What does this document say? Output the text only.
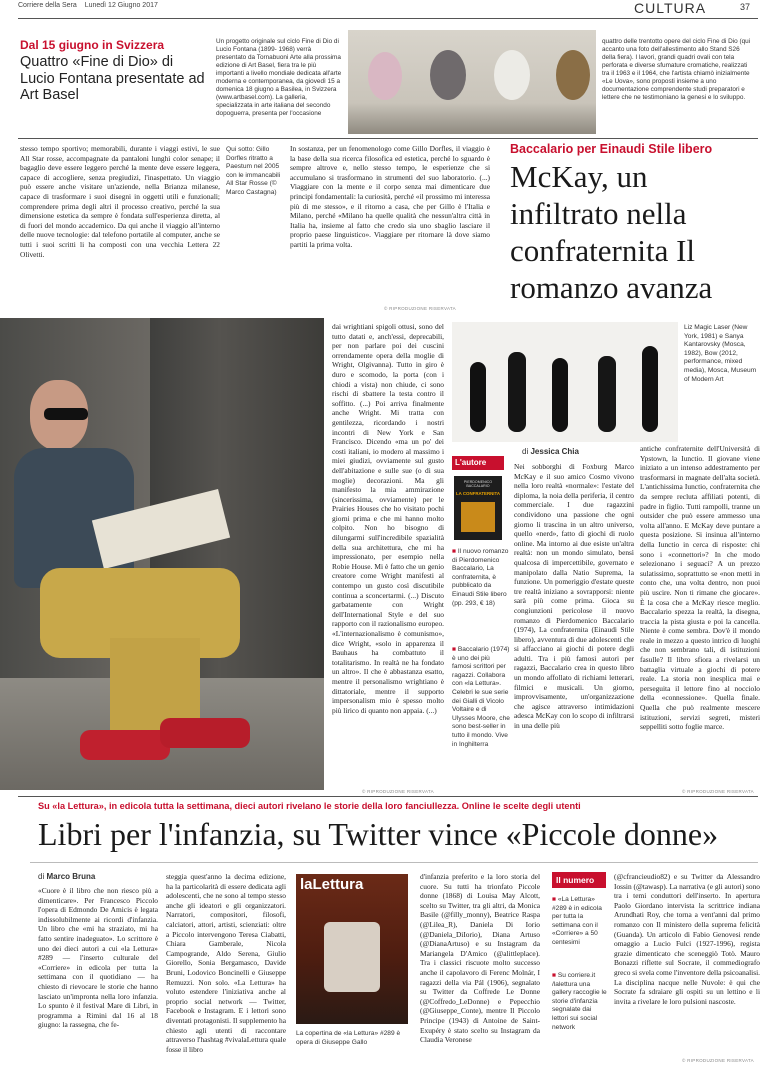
Corriere della Sera Lunedì 12 Giugno 2017	CULTURA	37
Dal 15 giugno in Svizzera
Quattro «Fine di Dio» di Lucio Fontana presentate ad Art Basel
Un progetto originale sul ciclo Fine di Dio di Lucio Fontana (1899- 1968) verrà presentato da Tornabuoni Arte alla prossima edizione di Art Basel, fiera tra le più importanti a livello mondiale dedicata all'arte moderna e contemporanea, da giovedì 15 a domenica 18 giugno a Basilea, in Svizzera (www.artbasel.com). La galleria, specializzata in arte italiana del secondo dopoguerra, presenta per l'occasione
quattro delle trentotto opere del ciclo Fine di Dio (qui accanto una foto dell'allestimento allo Stand S26 della fiera). I lavori, grandi quadri ovali con tela perforata e diverse sfumature cromatiche, realizzati tra il 1963 e il 1964, che l'artista chiamò inizialmente «Le Uova», sono proposti insieme a uno documentazione comprendente studi preparatori e lettere che ne testimoniano la genesi e lo sviluppo.
stesso tempo sportivo; memorabili, durante i viaggi estivi, le sue All Star rosse, accompagnate da pantaloni lunghi color senape; il bagaglio deve essere leggero perché la mente deve essere leggera, capace di accogliere, senza pregiudizi, l'inaspettato. Un viaggio può essere anche visitare un'aziende, nella Brianza milanese, capace di trasformare i suoi disegni in oggetti utili e funzionali; comprendere prima degli altri il processo creativo, perché la sua dimensione estetica da sempre è fondata sull'esperienza diretta, al di fuori del mondo accademico. Da qui anche il viaggio all'interno delle nuove tecnologie: dal telefono portatile al computer, anche se tutti i suoi scritti li ha composti con una vecchia Lettera 22 Olivetti.
Qui sotto: Gillo Dorfles ritratto a Paestum nel 2005 con le immancabili All Star Rosse (© Marco Castagna)
In sostanza, per un fenomenologo come Gillo Dorfles, il viaggio è la base della sua ricerca filosofica ed estetica, perché lo sguardo è sempre altrove e, nello stesso tempo, le esperienze che si accumulano si trasformano in strumenti del suo laboratorio. (...) Viaggiare con la mente e il corpo senza mai dimenticare due principi fondamentali: la curiosità, perché «il prossimo mi interessa più di me stesso», e il ritorno a casa, che per Gillo è l'Italia e Milano, perché «Milano ha quelle qualità che nessun'altra città in Italia ha, insieme al fatto che credo sia uno sbaglio lasciare il proprio paese linguistico». Viaggiare per ritornare là dove siamo partiti la prima volta.
© RIPRODUZIONE RISERVATA
dai wrightiani spigoli ottusi, sono del tutto datati e, anch'essi, deprecabili, per non parlare poi dei cuscini orrendamente opera della moglie di Wright, Olgivanna). Tutto in giro è duro e scomodo, la porta (con i chiodi a vista) non chiude, ci sono rischi di sbattere la testa contro il soffitto. (...) Poi arriva finalmente anche Wright. Mi tratta con gentilezza, ricordando i nostri incontri di New York e San Francisco. Dicendo «ma un po' dei costi italiani, io modero al massimo i miei giudizi, ovviamente sul gusto dell'abitazione e sulle sue (o di sua moglie) decorazioni. Ma gli manifesto la mia ammirazione (sincerissima, ovviamente) per le Prairies Houses che ho visitato pochi giorni prima e che mi hanno molto colpito. Non ho bisogno di dilungarmi sull'incredibile spazialità della sua architettura, che mi ha impressionato, per esempio nella Robie House. Mi è fatto che un genio creatore come Wright manifesti al contempo un gusto così discutibile continua a sconcertarmi. (...) Discuto garbatamente con Wright dell'International Style e del suo rapporto con il razionalismo europeo. «L'internazionalismo è comunismo», dice Wright, «solo in apparenza il Bauhaus ha combattuto il totalitarismo. In realtà ne ha fondato un altro». Il che è abbastanza esatto, mentre il personalismo wrightiano è dittatoriale, mentre il supporto impersonalism mio è spesso molto più lirico di quanto non appaia. (...)
© RIPRODUZIONE RISERVATA
Baccalario per Einaudi Stile libero
McKay, un infiltrato nella confraternita Il romanzo avanza
Liz Magic Laser (New York, 1981) e Sanya Kantarovsky (Mosca, 1982), Bow (2012, performance, mixed media), Mosca, Museum of Modern Art
di Jessica Chia
L'autore
PIERDOMENICO BACCALARIO
LA CONFRATERNITA
■ Il nuovo romanzo di Pierdomenico Baccalario, La confraternita, è pubblicato da Einaudi Stile libero (pp. 293, € 18)
■ Baccalario (1974) è uno dei più famosi scrittori per ragazzi. Collabora con «la Lettura». Celebri le sue serie dei Gialli di Vicolo Voltaire e di Ulysses Moore, che sono best-seller in tutto il mondo. Vive in Inghilterra
Nei sobborghi di Foxburg Marco McKay e il suo amico Cosmo vivono nella loro realtà «normale»: l'estate del diploma, la noia della periferia, il centro commerciale. I due ragazzini condividono una passione che ogni giorno li trascina in un altro universo, quello «nerd», fatto di giochi di ruolo online. Ma intorno ai due esiste un'altra realtà: non un mondo simulato, bensì qualcosa di impercettibile, governato e manipolato dalla Natio Suprema, la funzione. Un pomeriggio d'estate queste tre realtà iniziano a sovrapporsi: niente sarà più come prima. Gioca su congiunzioni pericolose il nuovo romanzo di Pierdomenico Baccalario (1974), La confraternita (Einaudi Stile libero), avventura di due adolescenti che si affacciano ai giochi di potere degli adulti. Tra i più famosi autori per ragazzi, Baccalario crea in questo libro un mondo affollato di richiami letterari, filmici e musicali. Un giorno, improvvisamente, un'organizzazione che agisce attraverso intimidazioni adesca McKay con lo scopo di infiltrarsi in una delle più
antiche confraternite dell'Università di Ypstown, la Iunctio. Il giovane viene iniziato a un intenso addestramento per trasformarsi in magnate dell'alta società. L'antichissima Iunctio, confraternita che da sempre recluta affiliati potenti, di padre in figlio. Tutti rampolli, tranne un outsider che può essere ammesso una volta all'anno. E McKay deve puntare a questa posizione. Si insinua all'interno della Iunctio in cerca di risposte: chi sono i «connettori»? In che modo selezionano i seguaci? A un prezzo sulatissimo, soprattutto se «non metti in conto che, una volta dentro, non puoi più uscire. Non ti rimane che giocare». È la cosa che a McKay riesce meglio. Baccalario spezza la realtà, la disegna, traccia la pista giusta e poi la cancella. Niente è come sembra. Dov'è il mondo reale in mezzo a questo intrico di luoghi che non sembrano tali, di istituzioni fasulle? Il libro sfiora a rivelarsi un battaglia virtuale a giochi di potere reale. La storia non inesplica mai e perseguita il lettore fino al nocciolo della «connessione». Quella finale. Quella che può realmente mescere istituzioni, servizi segreti, misteri seppelliti sotto foglie marce.
© RIPRODUZIONE RISERVATA
Su «la Lettura», in edicola tutta la settimana, dieci autori rivelano le storie della loro fanciullezza. Online le scelte degli utenti
Libri per l'infanzia, su Twitter vince «Piccole donne»
di Marco Bruna
«Cuore è il libro che non riesco più a dimenticare». Per Francesco Piccolo l'opera di Edmondo De Amicis è legata indissolubilmente ai ricordi d'infanzia. Un libro che «mi ha straziato, mi ha fatto sentire inadeguato». Lo scrittore è uno dei dieci autori a cui «la Lettura» #289 — l'inserto culturale del «Corriere» in edicola per tutta la settimana con il quotidiano — ha chiesto di rievocare le storie che hanno lasciato un'impronta nella loro infanzia. Lo spunto è il festival Mare di Libri, in programma a Rimini dal 16 al 18 giugno: la rassegna, che fe-
steggia quest'anno la decima edizione, ha la particolarità di essere dedicata agli adolescenti, che ne sono al tempo stesso anche gli ideatori e gli organizzatori. Narratori, compositori, filosofi, calciatori, attori, artisti, scienziati: oltre a Piccolo intervengono Teresa Ciabatti, Chiara Gamberale, Nicola Campogrande, Aldo Serena, Giulio Giorello, Sonia Bergamasco, Davide Bruni, Lodovico Boncinelli e Giuseppe Remuzzi. Non solo. «La Lettura» ha voluto estendere l'iniziativa anche al proprio social network — Twitter, Facebook e Instagram. E i lettori sono diventati protagonisti. Il supplemento ha chiesto agli utenti di raccontare attraverso l'hashtag #vivalaLettura quale fosse il libro
laLettura
La copertina de «la Lettura» #289 è opera di Giuseppe Gallo
d'infanzia preferito e la loro storia del cuore. Su tutti ha trionfato Piccole donne (1868) di Louisa May Alcott, scelto su Twitter, tra gli altri, da Monica Basile (@filly_monny), Beatrice Raspa (@Lilea_R), Daniela Di Iorio (@Daniela_DiIorio), Diana Artuso (@DianaArtuso) e su Instagram da Mariangela D'Amico (@alittleplace). Tra i classici riscuote molto successo anche il capolavoro di Ferenc Molnár, I ragazzi della via Pál (1906), segnalato su Twitter da Coffrede Le Donne (@Coffredo_LeDonne) e Pepecchio (@Giuseppe_Conte), mentre Il Piccolo Principe (1943) di Antoine de Saint-Exupéry è stato scelto su Instagram da Claudia Veronese
Il numero
■ «La Lettura» #289 è in edicola per tutta la settimana con il «Corriere» a 50 centesimi
■ Su corriere.it /lalettura una gallery raccoglie le storie d'infanzia segnalate dai lettori sui social network
(@cfrancieudio82) e su Twitter da Alessandro Iossin (@tawasp). La narrativa (e gli autori) sono tra i temi conduttori dell'inserto. In apertura Paolo Giordano intervista la scrittrice indiana Arundhati Roy, che torna a vent'anni dal primo romanzo con Il ministero della suprema felicità (Guanda). Un articolo di Fabio Genovesi rende omaggio a Lucio Fulci (1927-1996), regista grazie dimenticato che sceneggiò Totò. Mauro Bonazzi riflette sul Socrate, il commediografo greco si svela come l'inventore della psicoanalisi. La disciplina nacque nelle Nuvole: è qui che Socrate fa sdraiare gli ospiti su un lettino e li invita a rivelare le loro pulsioni nascoste.
© RIPRODUZIONE RISERVATA
